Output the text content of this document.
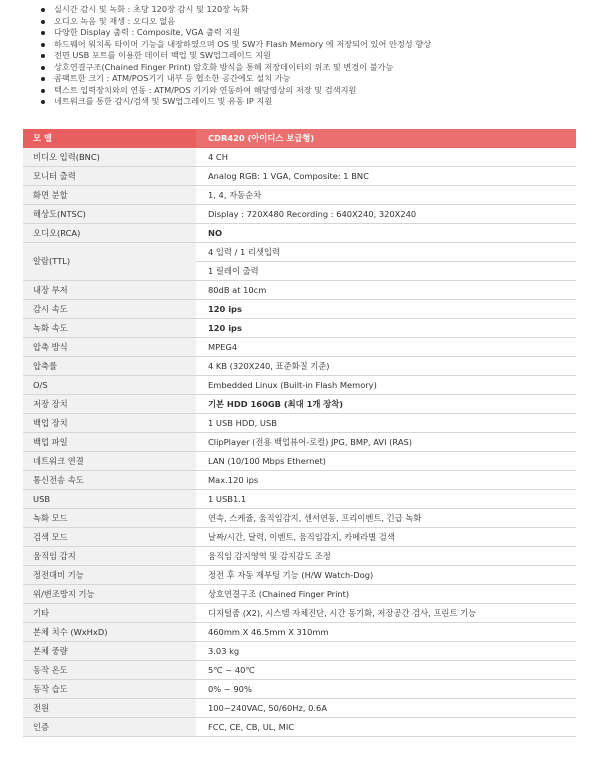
실시간 감시 및 녹화 : 초당 120장 감시 및 120장 녹화
오디오 녹음 및 재생 : 오디오 없음
다양한 Display 출력 : Composite, VGA 출력 지원
하드웨어 워치독 타이머 기능을 내장하였으며 OS 및 SW가 Flash Memory 에 저장되어 있어 안정성 향상
전면 USB 포트를 이용한 데이터 백업 및 SW업그레이드 지원
상호연결구조(Chained Finger Print) 암호화 방식을 통해 저장데이터의 위조 및 변경이 불가능
콤팩트한 크기 : ATM/POS기기 내부 등 협소한 공간에도 설치 가능
텍스트 입력장치와의 연동 : ATM/POS 기기와 연동하여 해당영상의 저장 및 검색지원
네트워크를 통한 감시/검색 및 SW업그레이드 및 유동 IP 지원
모 델	CDR420 (아이디스 보급형)
비디오 입력(BNC)	4 CH
모니터 출력	Analog RGB: 1 VGA, Composite: 1 BNC
화면 분할	1, 4, 자동순차
해상도(NTSC)	Display : 720X480 Recording : 640X240, 320X240
오디오(RCA)	NO
알람(TTL)	4 입력 / 1 리셋입력
1 릴레이 출력

내장 부저	80dB at 10cm
감시 속도	120 ips
녹화 속도	120 ips
압축 방식	MPEG4
압축률	4 KB (320X240, 표준화질 기준)
O/S	Embedded Linux (Built-in Flash Memory)
저장 장치	기본 HDD 160GB (최대 1개 장착)
백업 장치	1 USB HDD, USB
백업 파일	ClipPlayer (전용 백업뷰어-로컬) JPG, BMP, AVI (RAS)
네트워크 연결	LAN (10/100 Mbps Ethernet)
통신전송 속도	Max.120 ips
USB	1 USB1.1
녹화 모드	연속, 스케쥴, 움직임감지, 센서연동, 프리이벤트, 긴급 녹화
검색 모드	날짜/시간, 달력, 이벤트, 움직임감지, 카메라별 검색
움직임 감지	움직임 감지영역 및 감지감도 조정
정전대비 기능	정전 후 자동 재부팅 기능 (H/W Watch-Dog)
위/변조방지 기능	상호연결구조 (Chained Finger Print)
기타	디지털줌 (X2), 시스템 자체진단, 시간 동기화, 저장공간 검사, 프린트 기능
본체 치수 (WxHxD)	460mm X 46.5mm X 310mm
본체 중량	3.03 kg
동작 온도	5℃ ~ 40℃
동작 습도	0% ~ 90%
전원	100~240VAC, 50/60Hz, 0.6A
인증	FCC, CE, CB, UL, MIC
